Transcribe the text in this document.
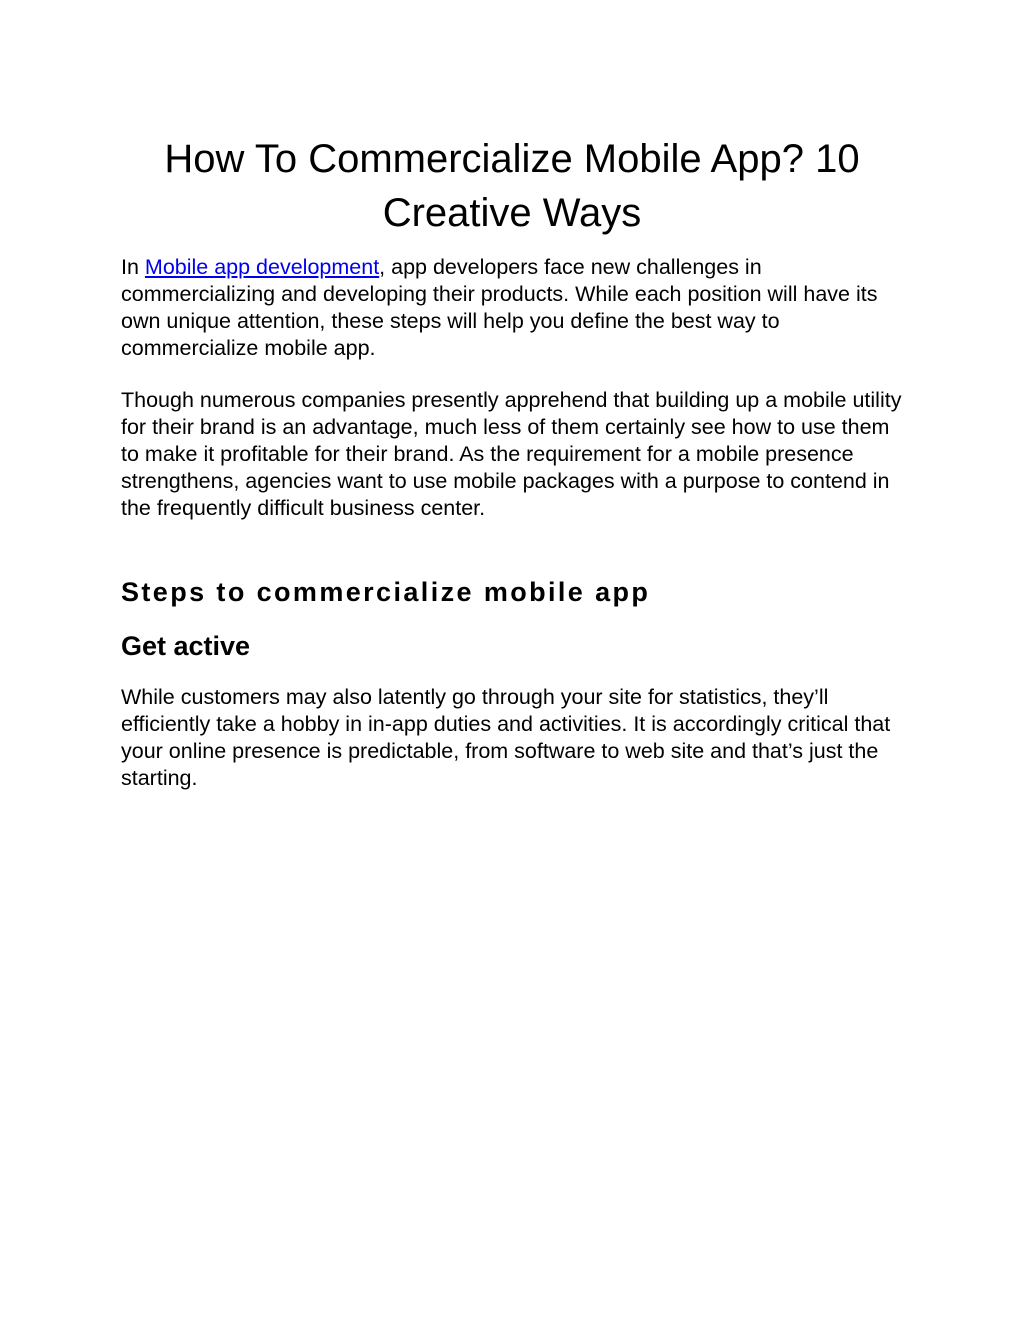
How To Commercialize Mobile App? 10 Creative Ways

In Mobile app development, app developers face new challenges in commercializing and developing their products. While each position will have its own unique attention, these steps will help you define the best way to commercialize mobile app.

Though numerous companies presently apprehend that building up a mobile utility for their brand is an advantage, much less of them certainly see how to use them to make it profitable for their brand. As the requirement for a mobile presence strengthens, agencies want to use mobile packages with a purpose to contend in the frequently difficult business center.

Steps to commercialize mobile app
Get active

While customers may also latently go through your site for statistics, they’ll efficiently take a hobby in in-app duties and activities. It is accordingly critical that your online presence is predictable, from software to web site and that’s just the starting.
